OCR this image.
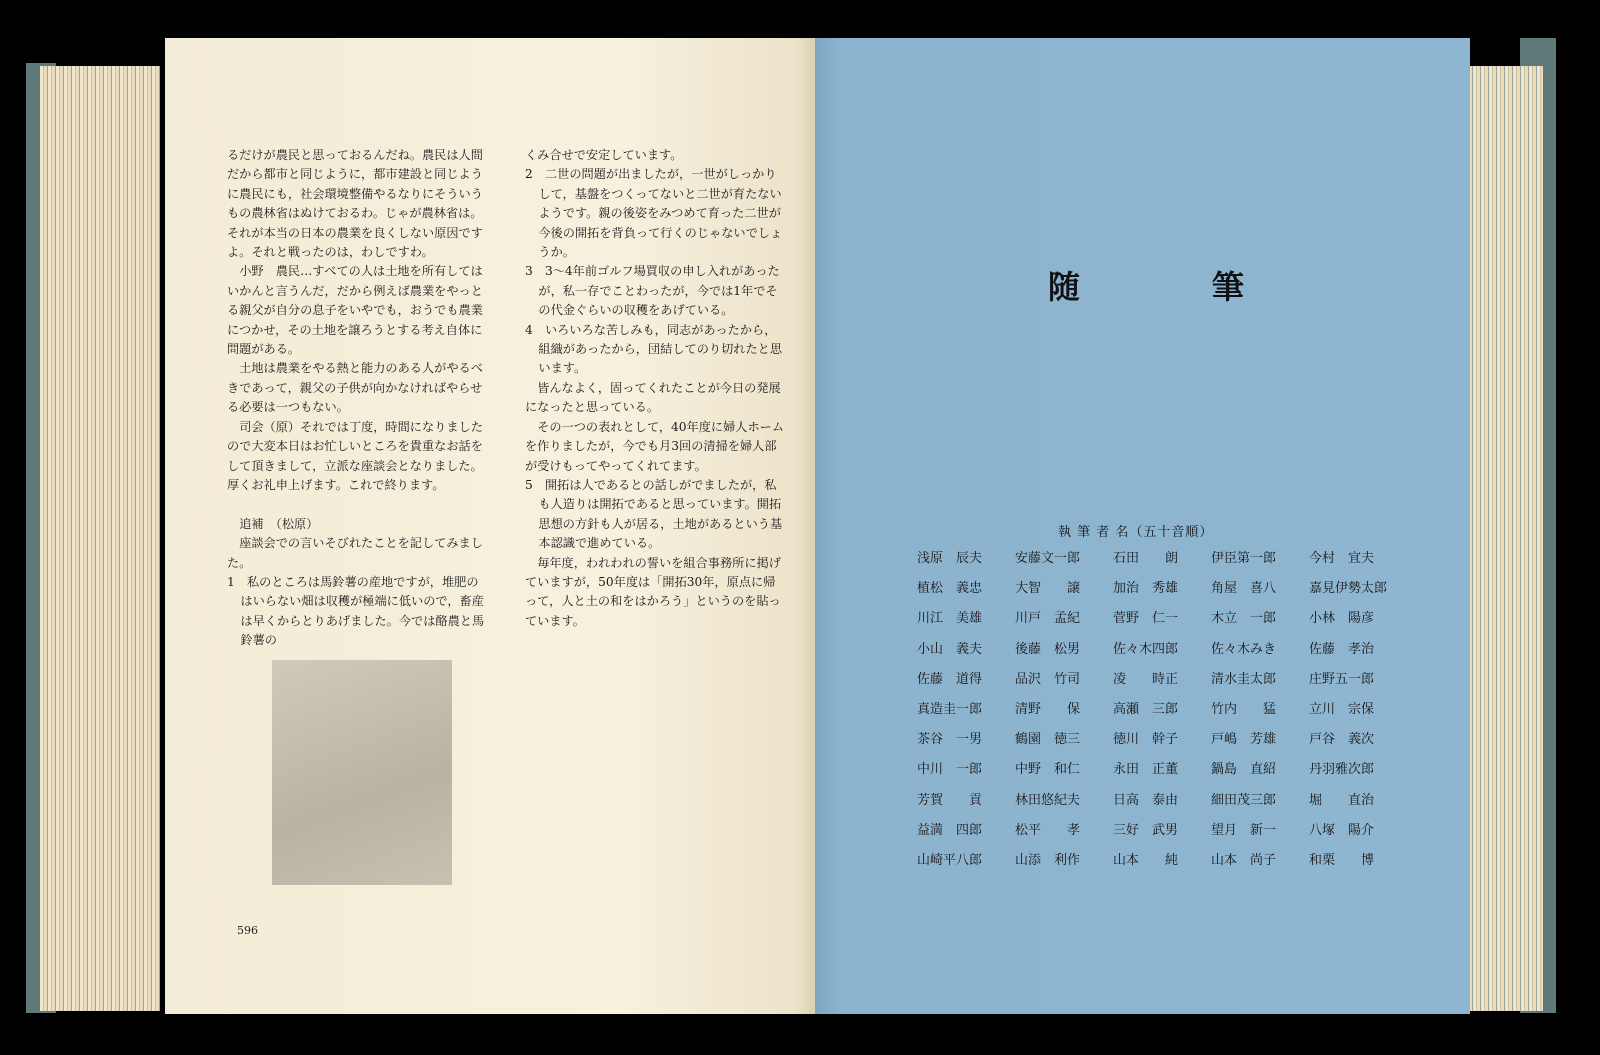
るだけが農民と思っておるんだね。農民は人間だから都市と同じように，都市建設と同じように農民にも，社会環境整備やるなりにそういうもの農林省はぬけておるわ。じゃが農林省は。それが本当の日本の農業を良くしない原因ですよ。それと戦ったのは，わしですわ。

小野　農民…すべての人は土地を所有してはいかんと言うんだ，だから例えば農業をやっとる親父が自分の息子をいやでも，おうでも農業につかせ，その土地を譲ろうとする考え自体に問題がある。

土地は農業をやる熱と能力のある人がやるべきであって，親父の子供が向かなければやらせる必要は一つもない。

司会（原）それでは丁度，時間になりましたので大変本日はお忙しいところを貴重なお話をして頂きまして，立派な座談会となりました。厚くお礼申上げます。これで終ります。

追補　（松原）

座談会での言いそびれたことを記してみました。

1　私のところは馬鈴薯の産地ですが，堆肥のはいらない畑は収穫が極端に低いので，畜産は早くからとりあげました。今では酪農と馬鈴薯の

くみ合せで安定しています。

2　二世の問題が出ましたが，一世がしっかりして，基盤をつくってないと二世が育たないようです。親の後姿をみつめて育った二世が今後の開拓を背負って行くのじゃないでしょうか。

3　3～4年前ゴルフ場買収の申し入れがあったが，私一存でことわったが，今では1年でその代金ぐらいの収穫をあげている。

4　いろいろな苦しみも，同志があったから，組織があったから，団結してのり切れたと思います。

皆んなよく，固ってくれたことが今日の発展になったと思っている。

その一つの表れとして，40年度に婦人ホームを作りましたが，今でも月3回の清掃を婦人部が受けもってやってくれてます。

5　開拓は人であるとの話しがでましたが，私も人造りは開拓であると思っています。開拓思想の方針も人が居る，土地があるという基本認識で進めている。

毎年度，われわれの誓いを組合事務所に掲げていますが，50年度は「開拓30年，原点に帰って，人と土の和をはかろう」というのを貼っています。

596
随	筆
執 筆 者 名（五十音順）
浅原　辰夫	安藤文一郎	石田　　朗	伊臣第一郎	今村　宜夫
植松　義忠	大智　　譲	加治　秀雄	角屋　喜八	嘉見伊勢太郎
川江　美雄	川戸　孟紀	菅野　仁一	木立　一郎	小林　陽彦
小山　義夫	後藤　松男	佐々木四郎	佐々木みき	佐藤　孝治
佐藤　道得	品沢　竹司	凌　　時正	清水圭太郎	庄野五一郎
真造圭一郎	清野　　保	高瀬　三郎	竹内　　猛	立川　宗保
茶谷　一男	鶴園　徳三	徳川　幹子	戸嶋　芳雄	戸谷　義次
中川　一郎	中野　和仁	永田　正董	鍋島　直紹	丹羽雅次郎
芳賀　　貢	林田悠紀夫	日高　泰由	細田茂三郎	堀　　直治
益満　四郎	松平　　孝	三好　武男	望月　新一	八塚　陽介
山崎平八郎	山添　利作	山本　　純	山本　尚子	和栗　　博
